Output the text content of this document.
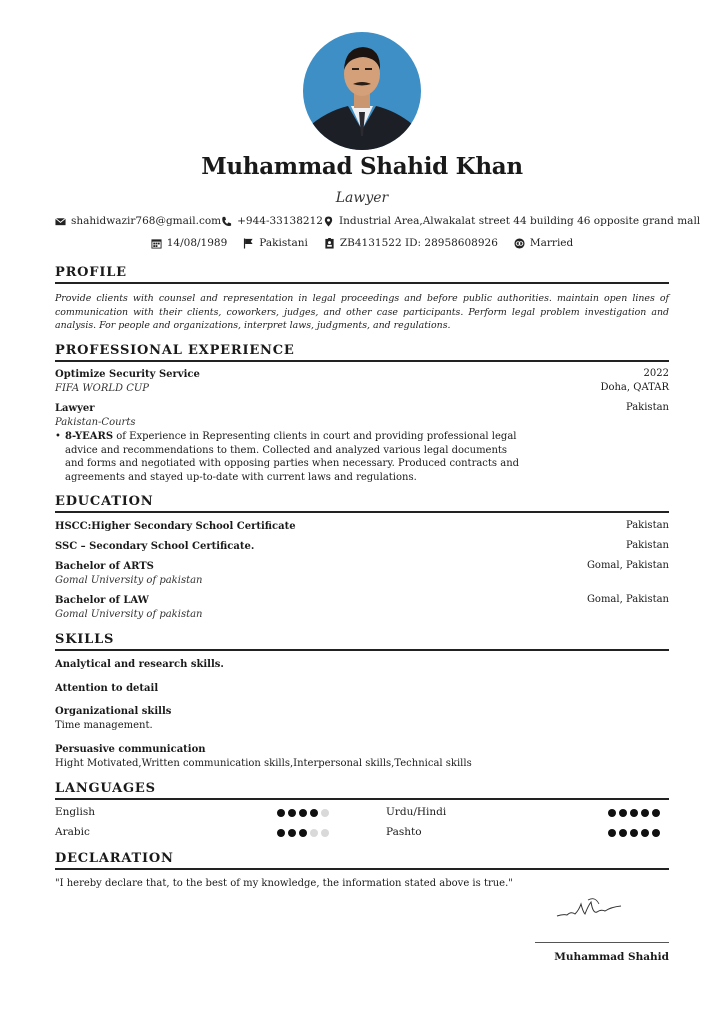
Muhammad Shahid Khan
Lawyer
shahidwazir768@gmail.com +944-33138212 Industrial Area,Alwakalat street 44 building 46 opposite grand mall
14/08/1989	Pakistani	ZB4131522 ID: 28958608926	Married
PROFILE
Provide clients with counsel and representation in legal proceedings and before public authorities. maintain open lines of communication with their clients, coworkers, judges, and other case participants. Perform legal problem investigation and analysis. For people and organizations, interpret laws, judgments, and regulations.
PROFESSIONAL EXPERIENCE
Optimize Security Service	2022
FIFA WORLD CUP	Doha, QATAR
Lawyer	Pakistan
Pakistan-Courts
• 8-YEARS of Experience in Representing clients in court and providing professional legal advice and recommendations to them. Collected and analyzed various legal documents and forms and negotiated with opposing parties when necessary. Produced contracts and agreements and stayed up-to-date with current laws and regulations.
EDUCATION
HSCC:Higher Secondary School Certificate	Pakistan
SSC – Secondary School Certificate.	Pakistan
Bachelor of ARTS	Gomal, Pakistan
Gomal University of pakistan
Bachelor of LAW	Gomal, Pakistan
Gomal University of pakistan
SKILLS
Analytical and research skills.
Attention to detail
Organizational skills
Time management.
Persuasive communication
Hight Motivated,Written communication skills,Interpersonal skills,Technical skills
LANGUAGES
English	Urdu/Hindi
Arabic	Pashto
DECLARATION
"I hereby declare that, to the best of my knowledge, the information stated above is true."
Muhammad Shahid
